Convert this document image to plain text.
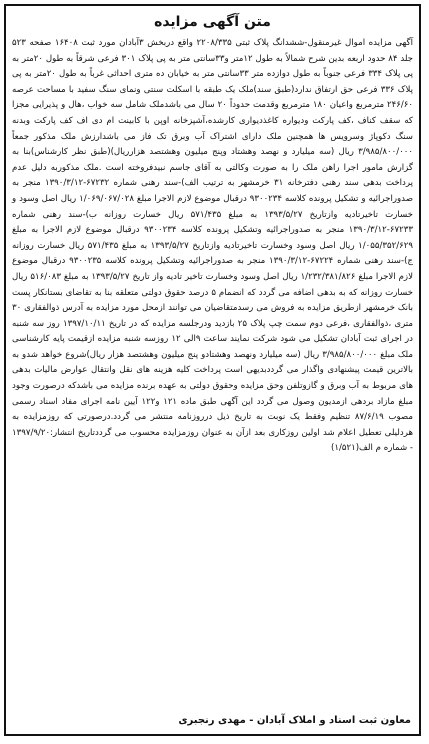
متن آگهی مزایده

آگهی مزایده اموال غیرمنقول-ششدانگ پلاک ثبتی ۲۲۰۸/۳۳۵ واقع دربخش ۳آبادان مورد ثبت ۱۶۴۰۸ صفحه ۵۲۳ جلد ۸۴ حدود اربعه بدین شرح شمالاً به طول ۱۲متر و۳۳سانتی متر به پی پلاک ۳۰۱ فرعی شرقاً به طول ۲۰متر به پی پلاک ۳۳۴ فرعی جنوباً به طول دوازده متر ۳۳سانتی متر به خیابان ده متری احداثی غرباً به طول ۲۰متر به پی پلاک ۳۳۶ فرعی حق ارتفاق ندارد(طبق سند)ملک یک طبقه با اسکلت سنتی ونمای سنگ سفید با مساحت عرصه ۲۴۶/۶۰ مترمربع واعیان ۱۸۰ مترمربع وقدمت حدوداً ۲۰ سال می باشدملک شامل سه خواب ،هال و پذیرایی مجزا که سقف کناف ،کف پارکت ودیواره کاغذدیواری کارشده،آشپزخانه اوپن با کابینت ام دی اف کف پارکت وبدنه سنگ دکوپاژ وسرویس ها همچنین ملک دارای اشتراک آب وبرق تک فاز می باشدارزش ملک مذکور جمعاً ۳/۹۸۵/۸۰۰/۰۰۰ ریال (سه میلیارد و نهصد وهشتاد وپنج میلیون وهشتصد هزارریال)(طبق نظر کارشناس)بنا به گزارش مامور اجرا راهن ملک را به صورت وکالتی به آقای جاسم نبیدفروخته است .ملک مذکوربه دلیل عدم پرداخت بدهی سند رهنی دفترخانه ۳۱ خرمشهر به ترتیب الف)-سند رهنی شماره ۶۷۲۳۲-۱۳۹۰/۳/۱۲ منجر به صدوراجرائیه و تشکیل پرونده کلاسه ۹۳۰۰۲۳۴ درقبال موضوع لازم الاجرا مبلغ ۱/۰۶۹/۰۶۷/۰۲۸ ریال اصل وسود و خسارت تاخیرتادیه وازتاریخ ۱۳۹۳/۵/۲۷ به مبلغ ۵۷۱/۴۳۵ ریال خسارت روزانه ب)-سند رهنی شماره ۶۷۲۳۳-۱۳۹۰/۳/۱۲ منجر به صدوراجرائیه وتشکیل پرونده کلاسه ۹۳۰۰۲۳۴ درقبال موضوع لازم الاجرا به مبلغ ۱/۰۵۵/۳۵۲/۶۲۹ ریال اصل وسود وخسارت تاخیرتادیه وازتاریخ ۱۳۹۳/۵/۲۷ به مبلغ ۵۷۱/۴۳۵ ریال خسارت روزانه ج)-سند رهنی شماره ۶۷۲۲۴-۱۳۹۰/۳/۱۲ منجر به صدوراجرائیه وتشکیل پرونده کلاسه ۹۳۰۰۲۳۵ درقبال موضوع لازم الاجرا مبلغ ۱/۲۳۲/۳۸۱/۸۲۶ ریال اصل وسود وخسارت تاخیر تادیه واز تاریخ ۱۳۹۳/۵/۲۷ به مبلغ ۵۱۶/۰۸۳ ریال خسارت روزانه که به بدهی اضافه می گردد که انضمام ۵ درصد حقوق دولتی متعلقه بنا به تقاضای بستانکار پست بانک خرمشهر ازطریق مزایده به فروش می رسدمتقاضیان می توانند ازمحل مورد مزایده به آدرس ذوالفقاری ۳۰ متری ،ذوالفقاری ،فرعی دوم سمت چپ پلاک ۲۵ بازدید ودرجلسه مزایده که در تاریخ ۱۳۹۷/۱۰/۱۱ روز سه شنبه در اجرای ثبت آبادان تشکیل می شود شرکت نمایند ساعت ۹الی ۱۲ روزسه شنبه مزایده ازقیمت پایه کارشناسی ملک مبلغ ۳/۹۸۵/۸۰۰/۰۰۰ ریال (سه میلیارد ونهصد وهشتادو پنج میلیون وهشتصد هزار ریال)شروع خواهد شدو به بالاترین قیمت پیشنهادی واگذار می گرددبدیهی است پرداخت کلیه هزینه های نقل وانتقال عوارض مالیات بدهی های مربوط به آب وبرق و گازوتلفن وحق مزایده وحقوق دولتی به عهده برنده مزایده می باشدکه درصورت وجود مبلغ مازاد بردهی ازمدیون وصول می گردد این آگهی طبق ماده ۱۲۱ و۱۲۲ آیین نامه اجرای مفاد اسناد رسمی مصوب ۸۷/۶/۱۹ تنظیم وفقط یک نوبت به تاریخ ذیل درروزنامه منتشر می گردد.درصورتی که روزمزایده به هردلیلی تعطیل اعلام شد اولین روزکاری بعد ازآن به عنوان روزمزایده محسوب می گرددتاریخ انتشار:۱۳۹۷/۹/۲۰ - شماره م الف(۱/۵۲۱)

معاون ثبت اسناد و املاک آبادان - مهدی رنجبری
